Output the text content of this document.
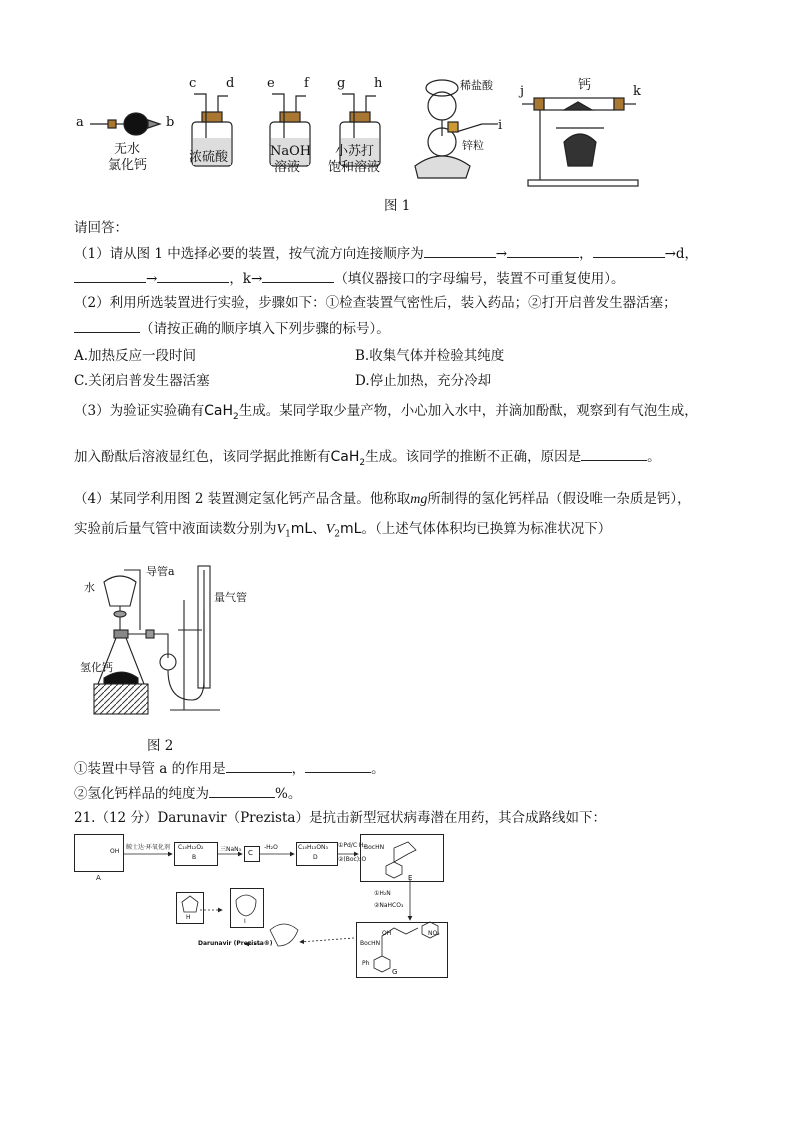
a	b
c d	e f g h
i
j	k
无水
氯化钙
浓硫酸	NaOH
溶液
小苏打
饱和溶液
稀盐酸
锌粒
钙
图 1
请回答：
（1）请从图 1 中选择必要的装置，按气流方向连接顺序为	→	，	→d，
→	，k→	（填仪器接口的字母编号，装置不可重复使用）。
（2）利用所选装置进行实验，步骤如下：①检查装置气密性后，装入药品；②打开启普发生器活塞；
（请按正确的顺序填入下列步骤的标号）。
A.加热反应一段时间	B.收集气体并检验其纯度
C.关闭启普发生器活塞	D.停止加热，充分冷却
（3）为验证实验确有CaH$_2$生成。某同学取少量产物，小心加入水中，并滴加酚酞，观察到有气泡生成，
加入酚酞后溶液显红色，该同学据此推断有CaH$_2$生成。该同学的推断不正确，原因是	。
（4）某同学利用图 2 装置测定氢化钙产品含量。他称取mg所制得的氢化钙样品（假设唯一杂质是钙），
实验前后量气管中液面读数分别为$V_1mL$、$V_2mL$。（上述气体体积均已换算为标准状况下）
水
导管a
量气管
氢化钙
图 2
①装置中导管 a 的作用是	，	。
②氢化钙样品的纯度为	%。
21.（12 分）Darunavir（Prezista）是抗击新型冠状病毒潜在用药，其合成路线如下：
OH
A
鲸士达·环氧化剂 C₁₀H₁₂O₂
B
三NaN₃ C
-H₂O	C₁₀H₁₃ON₃
D
①Pd/C H₂
②(Boc)₂O
BocHN
E
①H₂N
②NaHCO₃
BocHN
OH
Ph
NO₂
G
H
I
Darunavir (Prezista®)
